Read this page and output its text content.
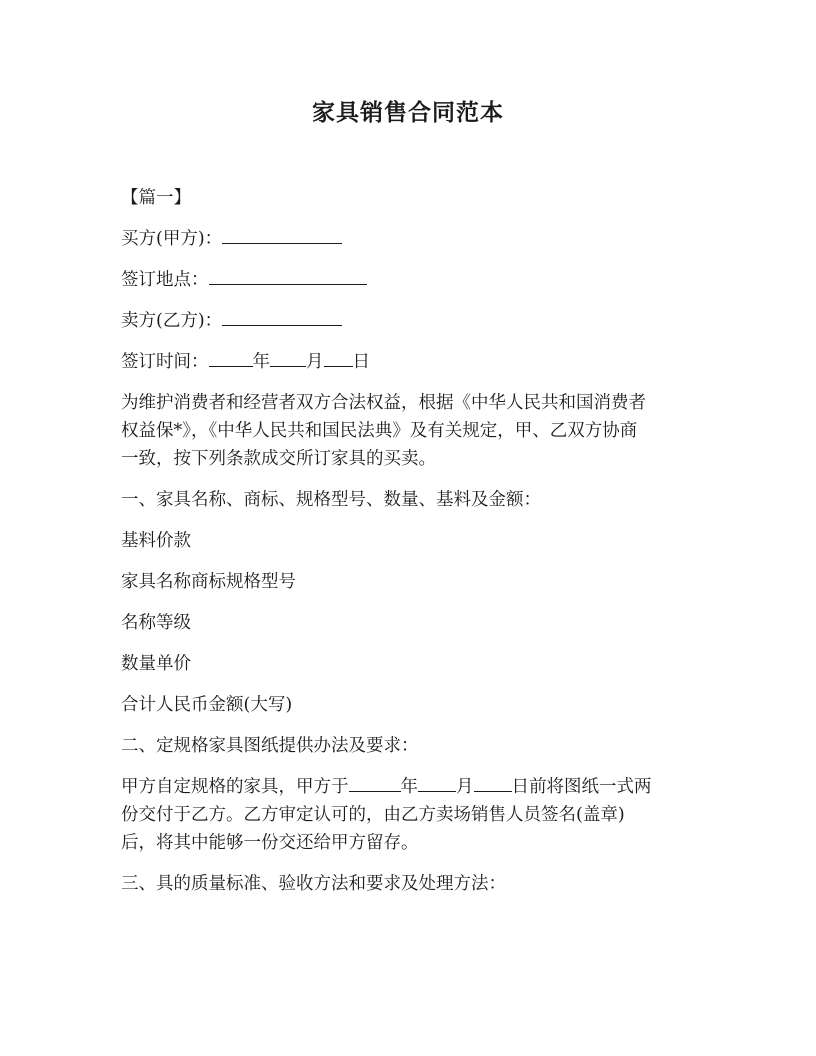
家具销售合同范本
【篇一】
买方(甲方)：
签订地点：
卖方(乙方)：
签订时间：	年 月 日
为维护消费者和经营者双方合法权益，根据《中华人民共和国消费者
权益保*》，《中华人民共和国民法典》及有关规定，甲、乙双方协商
一致，按下列条款成交所订家具的买卖。
一、家具名称、商标、规格型号、数量、基料及金额：
基料价款
家具名称商标规格型号
名称等级
数量单价
合计人民币金额(大写)
二、定规格家具图纸提供办法及要求：
甲方自定规格的家具，甲方于	年 月 日前将图纸一式两
份交付于乙方。乙方审定认可的，由乙方卖场销售人员签名(盖章)
后，将其中能够一份交还给甲方留存。
三、具的质量标准、验收方法和要求及处理方法：
